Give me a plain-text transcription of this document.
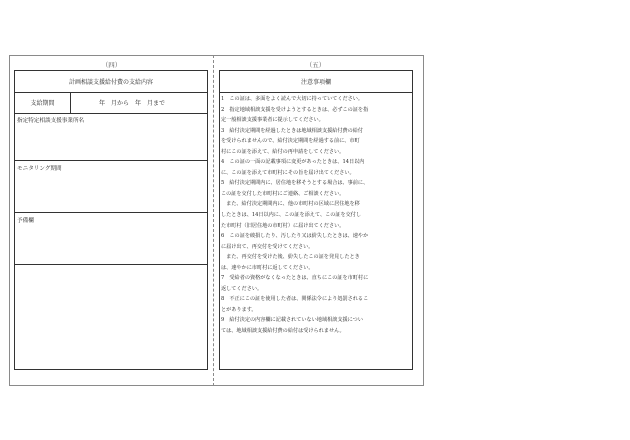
（四）	（五）
計画相談支援給付費の支給内容
支給期間	年　月から　年　月まで
指定特定相談支援事業所名
モニタリング期間
予備欄
注意事項欄
1　この証は、多面をよく読んで大切に持っていてください。
2　指定地域相談支援を受けようとするときは、必ずこの証を指
定一般相談支援事業者に提示してください。
3　給付決定期間を経過したときは地域相談支援給付費の給付
を受けられませんので、給付決定期間を経過する前に、市町
村にこの証を添えて、給付の再申請をしてください。
4　この証の一面の記載事項に変更があったときは、14日以内
に、この証を添えて市町村にその旨を届け出てください。
5　給付決定期間内に、居住地を移そうとする場合は、事前に、
この証を交付した市町村にご連絡、ご相談ください。
　また、給付決定期間内に、他の市町村の区域に居住地を移
したときは、14日以内に、この証を添えて、この証を交付し
た市町村（旧居住地の市町村）に届け出てください。
6　この証を破損したり、汚したり又は紛失したときは、速やか
に届け出て、再交付を受けてください。
　また、再交付を受けた後、紛失したこの証を発見したとき
は、速やかに市町村に返してください。
7　受給者の資格がなくなったときは、直ちにこの証を市町村に
返してください。
8　不正にこの証を使用した者は、関係法令により処罰されるこ
とがあります。
9　給付決定の内容欄に記載されていない地域相談支援につい
ては、地域相談支援給付費の給付は受けられません。
